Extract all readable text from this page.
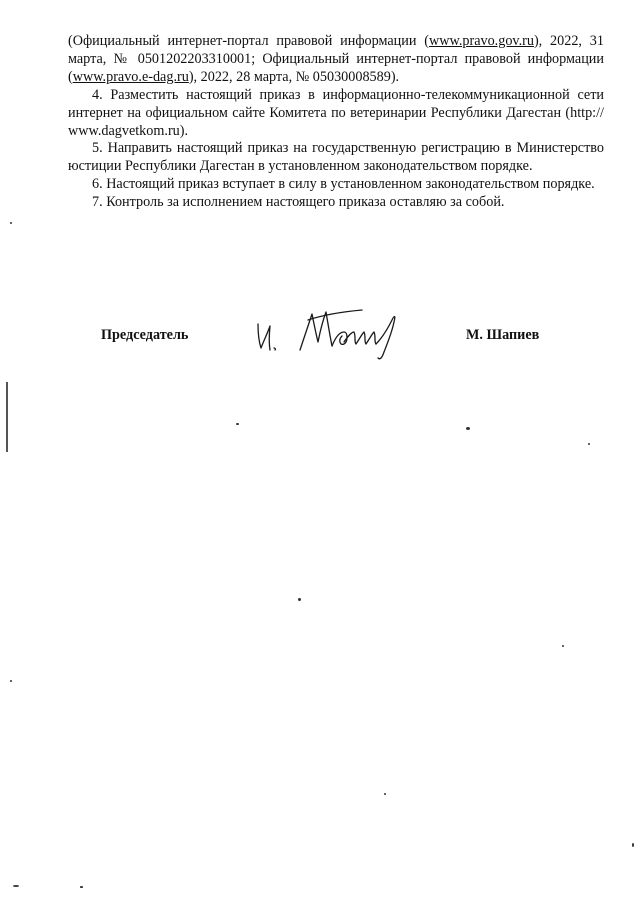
(Официальный интернет-портал правовой информации (www.pravo.gov.ru), 2022, 31 марта, № 0501202203310001; Официальный интернет-портал правовой информации (www.pravo.e-dag.ru), 2022, 28 марта, № 05030008589).

4. Разместить настоящий приказ в информационно-телекоммуникационной сети интернет на официальном сайте Комитета по ветеринарии Республики Дагестан (http:// www.dagvetkom.ru).

5. Направить настоящий приказ на государственную регистрацию в Министерство юстиции Республики Дагестан в установленном законодательством порядке.

6. Настоящий приказ вступает в силу в установленном законодательством порядке.

7. Контроль за исполнением настоящего приказа оставляю за собой.

Председатель	М. Шапиев
